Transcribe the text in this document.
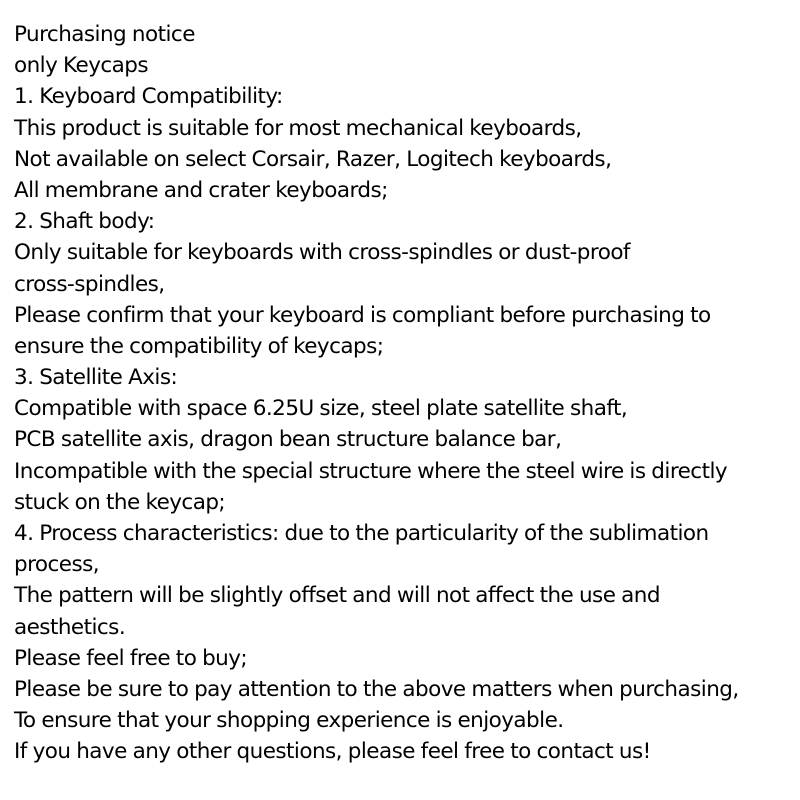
Purchasing notice
only Keycaps
1. Keyboard Compatibility:
This product is suitable for most mechanical keyboards,
Not available on select Corsair, Razer, Logitech keyboards,
All membrane and crater keyboards;
2. Shaft body:
Only suitable for keyboards with cross-spindles or dust-proof
cross-spindles,
Please confirm that your keyboard is compliant before purchasing to
ensure the compatibility of keycaps;
3. Satellite Axis:
Compatible with space 6.25U size, steel plate satellite shaft,
PCB satellite axis, dragon bean structure balance bar,
Incompatible with the special structure where the steel wire is directly
stuck on the keycap;
4. Process characteristics: due to the particularity of the sublimation
process,
The pattern will be slightly offset and will not affect the use and
aesthetics.
Please feel free to buy;
Please be sure to pay attention to the above matters when purchasing,
To ensure that your shopping experience is enjoyable.
If you have any other questions, please feel free to contact us!
